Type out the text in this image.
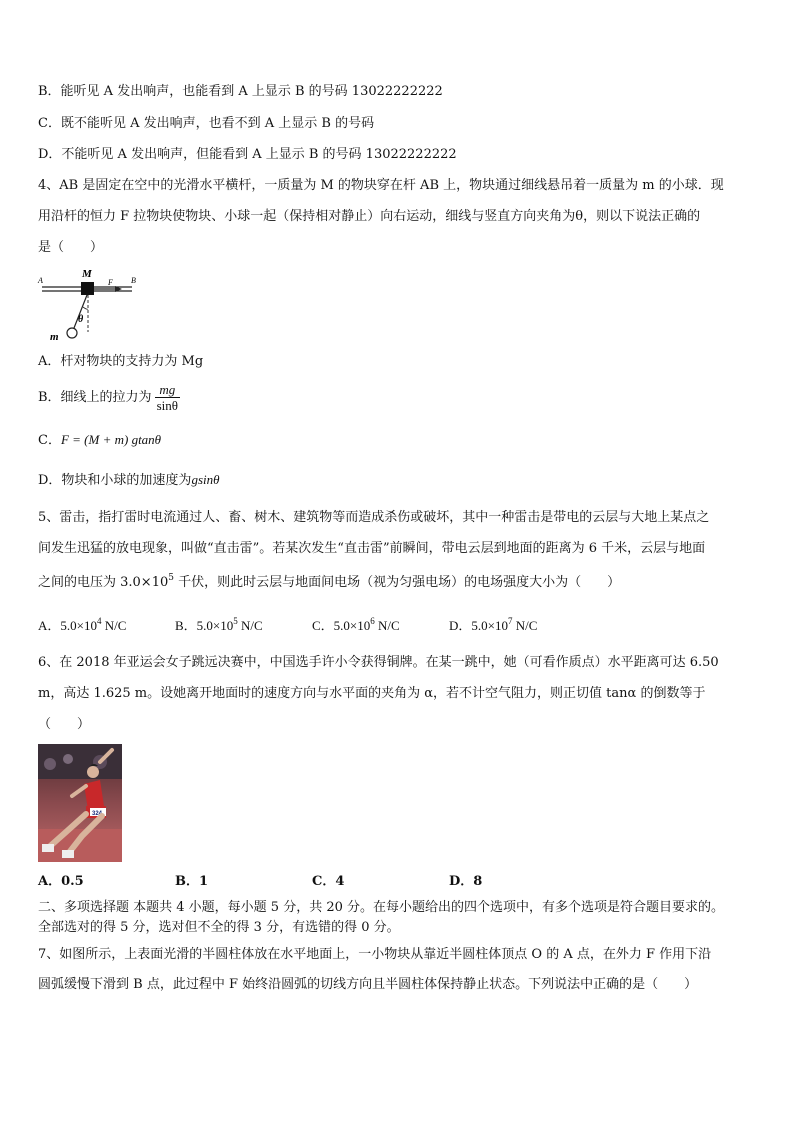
B．能听见 A 发出响声，也能看到 A 上显示 B 的号码 13022222222
C．既不能听见 A 发出响声，也看不到 A 上显示 B 的号码
D．不能听见 A 发出响声，但能看到 A 上显示 B 的号码 13022222222
4、AB 是固定在空中的光滑水平横杆，一质量为 M 的物块穿在杆 AB 上，物块通过细线悬吊着一质量为 m 的小球．现
用沿杆的恒力 F 拉物块使物块、小球一起（保持相对静止）向右运动，细线与竖直方向夹角为θ，则以下说法正确的
是（　　）
A
M
F B
θ
m
A．杆对物块的支持力为 Mg
B．细线上的拉力为 $\frac{mg}{\sin\theta}$
C．F = (M + m) gtanθ
D．物块和小球的加速度为gsinθ
5、雷击，指打雷时电流通过人、畜、树木、建筑物等而造成杀伤或破坏，其中一种雷击是带电的云层与大地上某点之
间发生迅猛的放电现象，叫做“直击雷”。若某次发生“直击雷”前瞬间，带电云层到地面的距离为 6 千米，云层与地面
之间的电压为 $3.0\times 10^5$ 千伏，则此时云层与地面间电场（视为匀强电场）的电场强度大小为（　　）
A．$5.0\times 10^4$ N/C	B．$5.0\times 10^5$ N/C	C．$5.0\times 10^6$ N/C	D．$5.0\times 10^7$ N/C
6、在 2018 年亚运会女子跳远决赛中，中国选手许小令获得铜牌。在某一跳中，她（可看作质点）水平距离可达 6.50
m，高达 1.625 m。设她离开地面时的速度方向与水平面的夹角为 α，若不计空气阻力，则正切值 tanα 的倒数等于
（　　）
324
A．0.5	B．1	C．4	D．8
二、多项选择题 本题共 4 小题，每小题 5 分，共 20 分。在每小题给出的四个选项中，有多个选项是符合题目要求的。
全部选对的得 5 分，选对但不全的得 3 分，有选错的得 0 分。
7、如图所示，上表面光滑的半圆柱体放在水平地面上，一小物块从靠近半圆柱体顶点 O 的 A 点，在外力 F 作用下沿
圆弧缓慢下滑到 B 点，此过程中 F 始终沿圆弧的切线方向且半圆柱体保持静止状态。下列说法中正确的是（　　）
